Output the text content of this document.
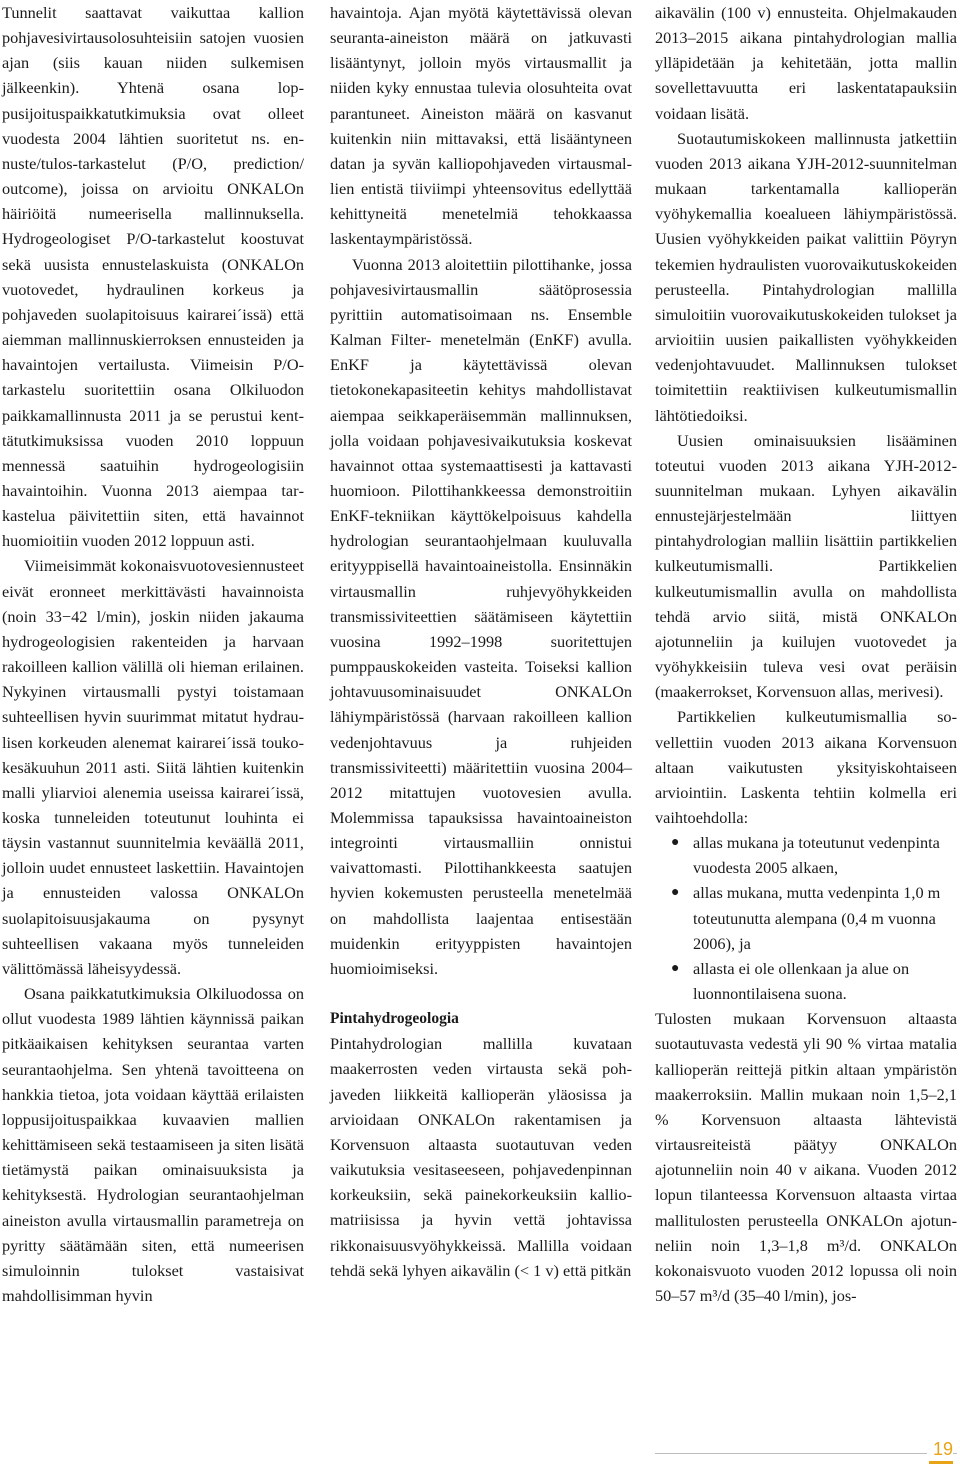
Tunnelit saattavat vaikuttaa kallion pohjavesivirtausolosuhteisiin satojen vuosien ajan (siis kauan niiden sulkemisen jälkeenkin). Yhtenä osana loppusijoituspaikkatutkimuksia ovat olleet vuodesta 2004 lähtien suoritetut ns. ennuste/tulos-tarkastelut (P/O, prediction/ outcome), joissa on arvioitu ONKALOn häiriöitä numeerisella mallinnuksella. Hydrogeologiset P/O-tarkastelut koostuvat sekä uusista ennustelaskuista (ONKALOn vuotovedet, hydraulinen korkeus ja pohjaveden suolapitoisuus kairarei´issä) että aiemman mallinnuskierroksen ennusteiden ja havaintojen vertailusta. Viimeisin P/O-tarkastelu suoritettiin osana Olkiluodon paikkamallinnusta 2011 ja se perustui kenttätutkimuksissa vuoden 2010 loppuun mennessä saatuihin hydrogeologisiin havaintoihin. Vuonna 2013 aiempaa tarkastelua päivitettiin siten, että havainnot huomioitiin vuoden 2012 loppuun asti.

Viimeisimmät kokonaisvuotovesiennusteet eivät eronneet merkittävästi havainnoista (noin 33−42 l/min), joskin niiden jakauma hydrogeologisien rakenteiden ja harvaan rakoilleen kallion välillä oli hieman erilainen. Nykyinen virtausmalli pystyi toistamaan suhteellisen hyvin suurimmat mitatut hydraulisen korkeuden alenemat kairarei´issä touko-kesäkuuhun 2011 asti. Siitä lähtien kuitenkin malli yliarvioi alenemia useissa kairarei´issä, koska tunneleiden toteutunut louhinta ei täysin vastannut suunnitelmia keväällä 2011, jolloin uudet ennusteet laskettiin. Havaintojen ja ennusteiden valossa ONKALOn suolapitoisuusjakauma on pysynyt suhteellisen vakaana myös tunneleiden välittömässä läheisyydessä.

Osana paikkatutkimuksia Olkiluodossa on ollut vuodesta 1989 lähtien käynnissä paikan pitkäaikaisen kehityksen seurantaa varten seurantaohjelma. Sen yhtenä tavoitteena on hankkia tietoa, jota voidaan käyttää erilaisten loppusijoituspaikkaa kuvaavien mallien kehittämiseen sekä testaamiseen ja siten lisätä tietämystä paikan ominaisuuksista ja kehityksestä. Hydrologian seurantaohjelman aineiston avulla virtausmallin parametreja on pyritty säätämään siten, että numeerisen simuloinnin tulokset vastaisivat mahdollisimman hyvin

havaintoja. Ajan myötä käytettävissä olevan seuranta-aineiston määrä on jatkuvasti lisääntynyt, jolloin myös virtausmallit ja niiden kyky ennustaa tulevia olosuhteita ovat parantuneet. Aineiston määrä on kasvanut kuitenkin niin mittavaksi, että lisääntyneen datan ja syvän kalliopohjaveden virtausmallien entistä tiiviimpi yhteensovitus edellyttää kehittyneitä menetelmiä tehokkaassa laskentaympäristössä.

Vuonna 2013 aloitettiin pilottihanke, jossa pohjavesivirtausmallin säätöprosessia pyrittiin automatisoimaan ns. Ensemble Kalman Filter- menetelmän (EnKF) avulla. EnKF ja käytettävissä olevan tietokonekapasiteetin kehitys mahdollistavat aiempaa seikkaperäisemmän mallinnuksen, jolla voidaan pohjavesivaikutuksia koskevat havainnot ottaa systemaattisesti ja kattavasti huomioon. Pilottihankkeessa demonstroitiin EnKF-tekniikan käyttökelpoisuus kahdella hydrologian seurantaohjelmaan kuuluvalla erityyppisellä havaintoaineistolla. Ensinnäkin virtausmallin ruhjevyöhykkeiden transmissiviteettien säätämiseen käytettiin vuosina 1992–1998 suoritettujen pumppauskokeiden vasteita. Toiseksi kallion johtavuusominaisuudet ONKALOn lähiympäristössä (harvaan rakoilleen kallion vedenjohtavuus ja ruhjeiden transmissiviteetti) määritettiin vuosina 2004–2012 mitattujen vuotovesien avulla. Molemmissa tapauksissa havaintoaineiston integrointi virtausmalliin onnistui vaivattomasti. Pilottihankkeesta saatujen hyvien kokemusten perusteella menetelmää on mahdollista laajentaa entisestään muidenkin erityyppisten havaintojen huomioimiseksi.

Pintahydrogeologia

Pintahydrologian mallilla kuvataan maakerrosten veden virtausta sekä pohjaveden liikkeitä kallioperän yläosissa ja arvioidaan ONKALOn rakentamisen ja Korvensuon altaasta suotautuvan veden vaikutuksia vesitaseeseen, pohjavedenpinnan korkeuksiin, sekä painekorkeuksiin kallio-matriisissa ja hyvin vettä johtavissa rikkonaisuusvyöhykkeissä. Mallilla voidaan tehdä sekä lyhyen aikavälin (< 1 v) että pitkän

aikavälin (100 v) ennusteita. Ohjelmakauden 2013–2015 aikana pintahydrologian mallia ylläpidetään ja kehitetään, jotta mallin sovellettavuutta eri laskentatapauksiin voidaan lisätä.

Suotautumiskokeen mallinnusta jatkettiin vuoden 2013 aikana YJH-2012-suunnitelman mukaan tarkentamalla kallioperän vyöhykemallia koealueen lähiympäristössä. Uusien vyöhykkeiden paikat valittiin Pöyryn tekemien hydraulisten vuorovaikutuskokeiden perusteella. Pintahydrologian mallilla simuloitiin vuorovaikutuskokeiden tulokset ja arvioitiin uusien paikallisten vyöhykkeiden vedenjohtavuudet. Mallinnuksen tulokset toimitettiin reaktiivisen kulkeutumismallin lähtötiedoiksi.

Uusien ominaisuuksien lisääminen toteutui vuoden 2013 aikana YJH-2012-suunnitelman mukaan. Lyhyen aikavälin ennustejärjestelmään liittyen pintahydrologian malliin lisättiin partikkelien kulkeutumismalli. Partikkelien kulkeutumismallin avulla on mahdollista tehdä arvio siitä, mistä ONKALOn ajotunneliin ja kuilujen vuotovedet ja vyöhykkeisiin tuleva vesi ovat peräisin (maakerrokset, Korvensuon allas, merivesi).

Partikkelien kulkeutumismallia sovellettiin vuoden 2013 aikana Korvensuon altaan vaikutusten yksityiskohtaiseen arviointiin. Laskenta tehtiin kolmella eri vaihtoehdolla:

● allas mukana ja toteutunut vedenpinta vuodesta 2005 alkaen,
● allas mukana, mutta vedenpinta 1,0 m toteutunutta alempana (0,4 m vuonna 2006), ja
● allasta ei ole ollenkaan ja alue on luonnontilaisena suona.

Tulosten mukaan Korvensuon altaasta suotautuvasta vedestä yli 90 % virtaa matalia kallioperän reittejä pitkin altaan ympäristön maakerroksiin. Mallin mukaan noin 1,5–2,1 % Korvensuon altaasta lähtevistä virtausreiteistä päätyy ONKALOn ajotunneliin noin 40 v aikana. Vuoden 2012 lopun tilanteessa Korvensuon altaasta virtaa mallitulosten perusteella ONKALOn ajotunneliin noin 1,3–1,8 m³/d. ONKALOn kokonaisvuoto vuoden 2012 lopussa oli noin 50–57 m³/d (35–40 l/min), jos-

19
